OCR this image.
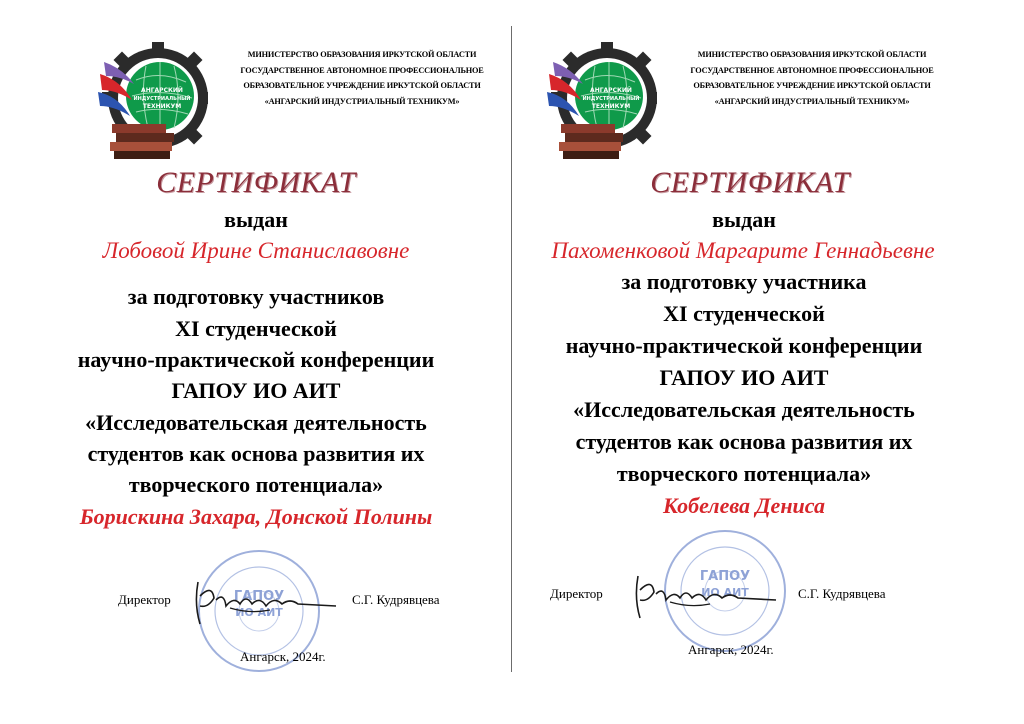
АНГАРСКИЙ
ИНДУСТРИАЛЬНЫЙ
ТЕХНИКУМ
МИНИСТЕРСТВО ОБРАЗОВАНИЯ ИРКУТСКОЙ ОБЛАСТИ
ГОСУДАРСТВЕННОЕ АВТОНОМНОЕ ПРОФЕССИОНАЛЬНОЕ
ОБРАЗОВАТЕЛЬНОЕ УЧРЕЖДЕНИЕ ИРКУТСКОЙ ОБЛАСТИ
«АНГАРСКИЙ ИНДУСТРИАЛЬНЫЙ ТЕХНИКУМ»
СЕРТИФИКАТ
выдан
Лобовой Ирине Станиславовне
за подготовку участников
XI студенческой
научно-практической конференции
ГАПОУ ИО АИТ
«Исследовательская деятельность
студентов как основа развития их
творческого потенциала»
Борискина Захара, Донской Полины
ГАПОУ
ИО АИТ
Директор	С.Г. Кудрявцева
Ангарск, 2024г.
АНГАРСКИЙ
ИНДУСТРИАЛЬНЫЙ
ТЕХНИКУМ
МИНИСТЕРСТВО ОБРАЗОВАНИЯ ИРКУТСКОЙ ОБЛАСТИ
ГОСУДАРСТВЕННОЕ АВТОНОМНОЕ ПРОФЕССИОНАЛЬНОЕ
ОБРАЗОВАТЕЛЬНОЕ УЧРЕЖДЕНИЕ ИРКУТСКОЙ ОБЛАСТИ
«АНГАРСКИЙ ИНДУСТРИАЛЬНЫЙ ТЕХНИКУМ»
СЕРТИФИКАТ
выдан
Пахоменковой Маргарите Геннадьевне
за подготовку участника
XI студенческой
научно-практической конференции
ГАПОУ ИО АИТ
«Исследовательская деятельность
студентов как основа развития их
творческого потенциала»
Кобелева Дениса
ГАПОУ
ИО АИТ
Директор	С.Г. Кудрявцева
Ангарск, 2024г.
